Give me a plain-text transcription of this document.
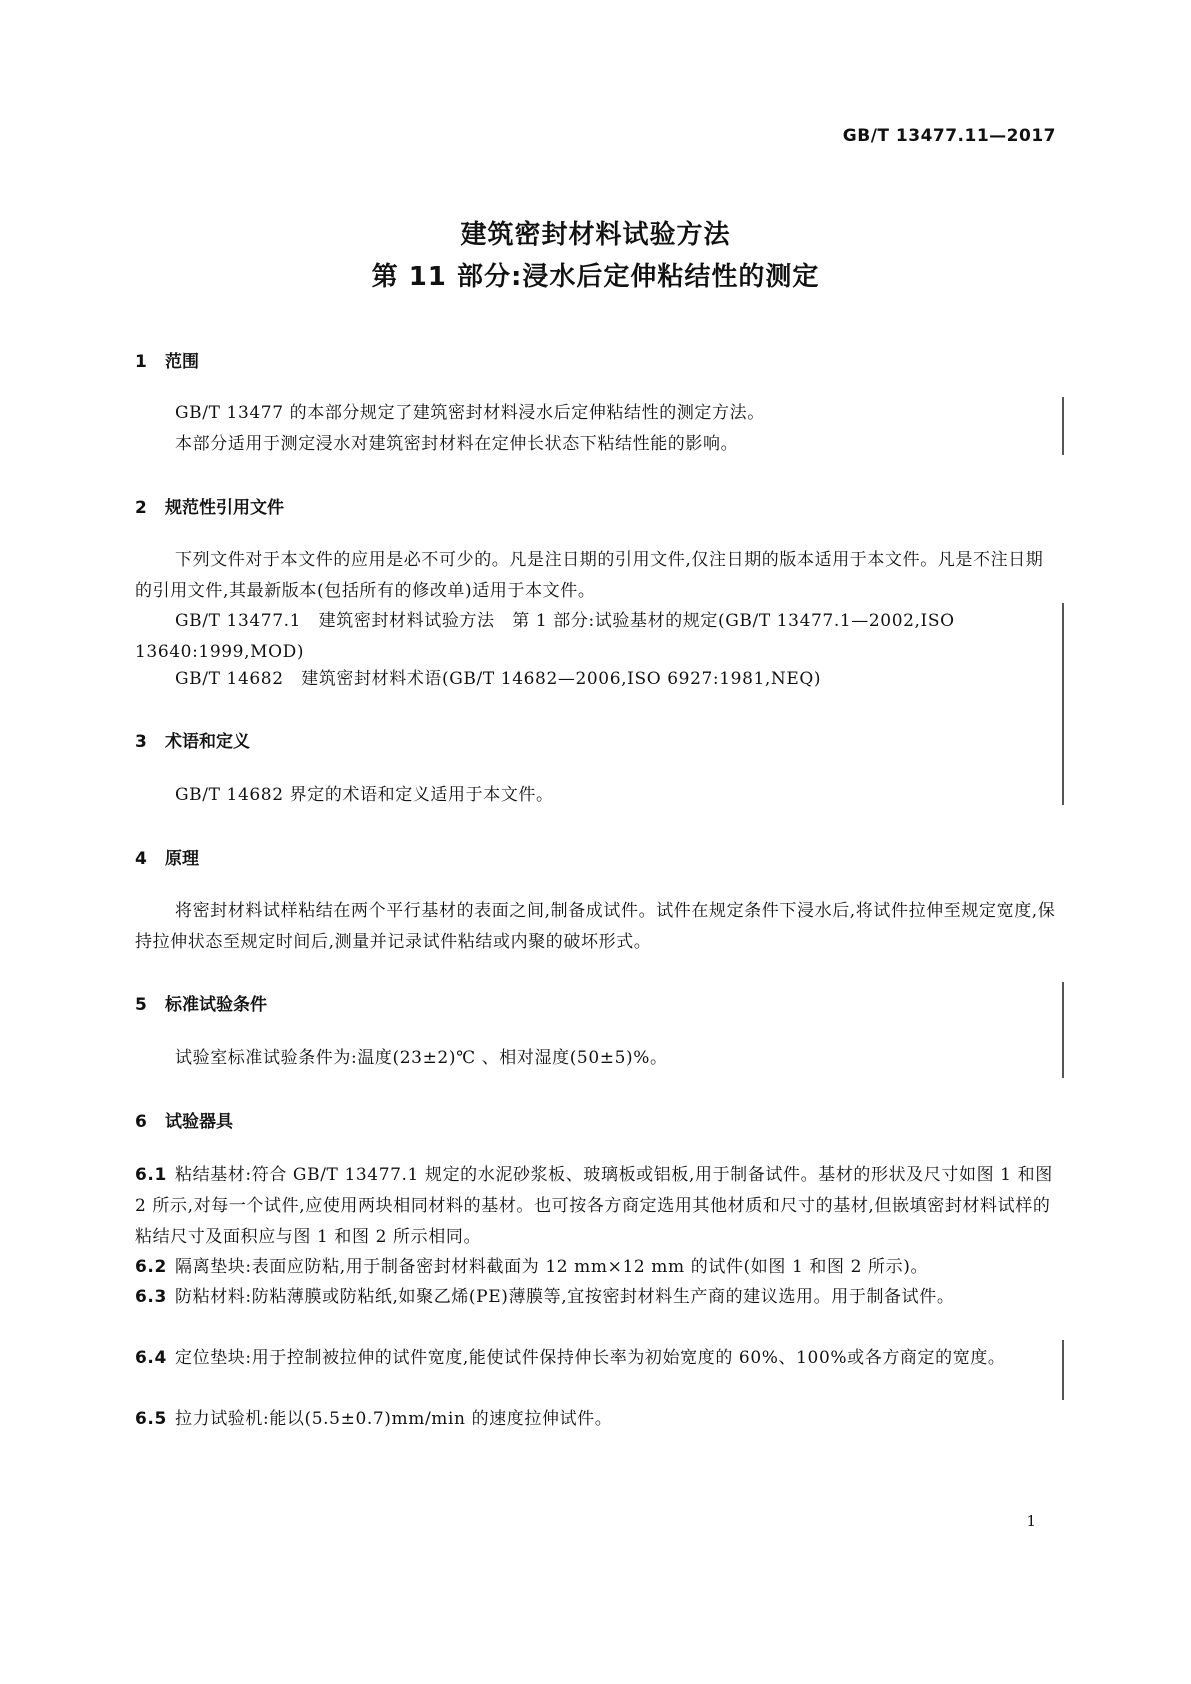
GB/T 13477.11—2017
建筑密封材料试验方法
第 11 部分:浸水后定伸粘结性的测定
1 范围
GB/T 13477 的本部分规定了建筑密封材料浸水后定伸粘结性的测定方法。
本部分适用于测定浸水对建筑密封材料在定伸长状态下粘结性能的影响。
2 规范性引用文件
下列文件对于本文件的应用是必不可少的。凡是注日期的引用文件,仅注日期的版本适用于本文件。凡是不注日期的引用文件,其最新版本(包括所有的修改单)适用于本文件。
GB/T 13477.1　建筑密封材料试验方法　第 1 部分:试验基材的规定(GB/T 13477.1—2002,ISO 13640:1999,MOD)
GB/T 14682　建筑密封材料术语(GB/T 14682—2006,ISO 6927:1981,NEQ)
3 术语和定义
GB/T 14682 界定的术语和定义适用于本文件。
4 原理
将密封材料试样粘结在两个平行基材的表面之间,制备成试件。试件在规定条件下浸水后,将试件拉伸至规定宽度,保持拉伸状态至规定时间后,测量并记录试件粘结或内聚的破坏形式。
5 标准试验条件
试验室标准试验条件为:温度(23±2)℃ 、相对湿度(50±5)%。
6 试验器具
6.1 粘结基材:符合 GB/T 13477.1 规定的水泥砂浆板、玻璃板或铝板,用于制备试件。基材的形状及尺寸如图 1 和图 2 所示,对每一个试件,应使用两块相同材料的基材。也可按各方商定选用其他材质和尺寸的基材,但嵌填密封材料试样的粘结尺寸及面积应与图 1 和图 2 所示相同。
6.2 隔离垫块:表面应防粘,用于制备密封材料截面为 12 mm×12 mm 的试件(如图 1 和图 2 所示)。
6.3 防粘材料:防粘薄膜或防粘纸,如聚乙烯(PE)薄膜等,宜按密封材料生产商的建议选用。用于制备试件。
6.4 定位垫块:用于控制被拉伸的试件宽度,能使试件保持伸长率为初始宽度的 60%、100%或各方商定的宽度。
6.5 拉力试验机:能以(5.5±0.7)mm/min 的速度拉伸试件。
1
